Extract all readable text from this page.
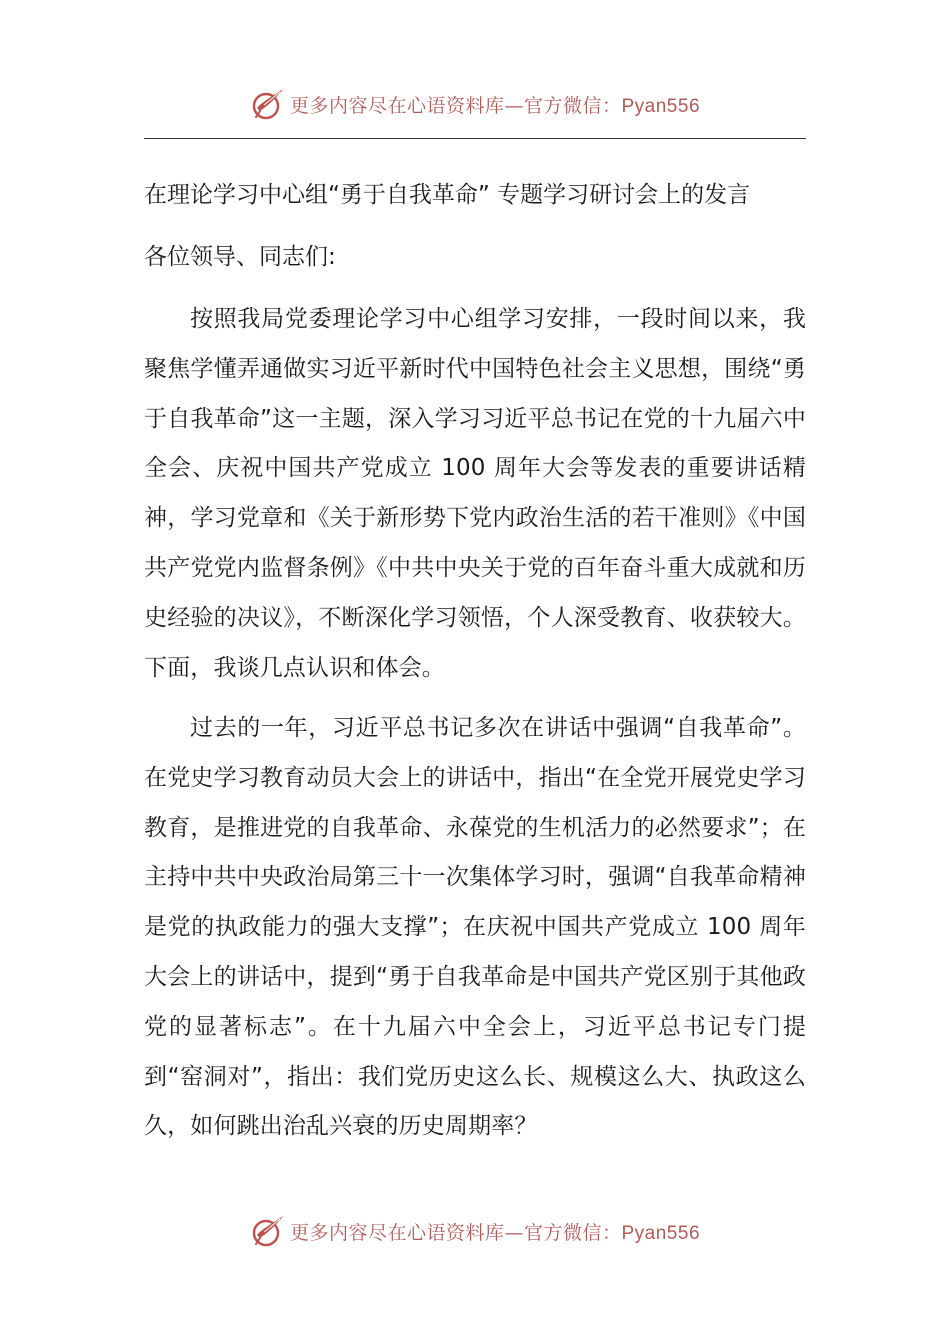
更多内容尽在心语资料库—官方微信：Pyan556
在理论学习中心组“勇于自我革命” 专题学习研讨会上的发言
各位领导、同志们:

按照我局党委理论学习中心组学习安排，一段时间以来，我聚焦学懂弄通做实习近平新时代中国特色社会主义思想，围绕“勇于自我革命”这一主题，深入学习习近平总书记在党的十九届六中全会、庆祝中国共产党成立 100 周年大会等发表的重要讲话精神，学习党章和《关于新形势下党内政治生活的若干准则》《中国共产党党内监督条例》《中共中央关于党的百年奋斗重大成就和历史经验的决议》，不断深化学习领悟，个人深受教育、收获较大。下面，我谈几点认识和体会。

过去的一年，习近平总书记多次在讲话中强调“自我革命”。在党史学习教育动员大会上的讲话中，指出“在全党开展党史学习教育，是推进党的自我革命、永葆党的生机活力的必然要求”；在主持中共中央政治局第三十一次集体学习时，强调“自我革命精神是党的执政能力的强大支撑”；在庆祝中国共产党成立 100 周年大会上的讲话中，提到“勇于自我革命是中国共产党区别于其他政党的显著标志”。在十九届六中全会上，习近平总书记专门提到“窑洞对”，指出：我们党历史这么长、规模这么大、执政这么久，如何跳出治乱兴衰的历史周期率？

更多内容尽在心语资料库—官方微信：Pyan556
